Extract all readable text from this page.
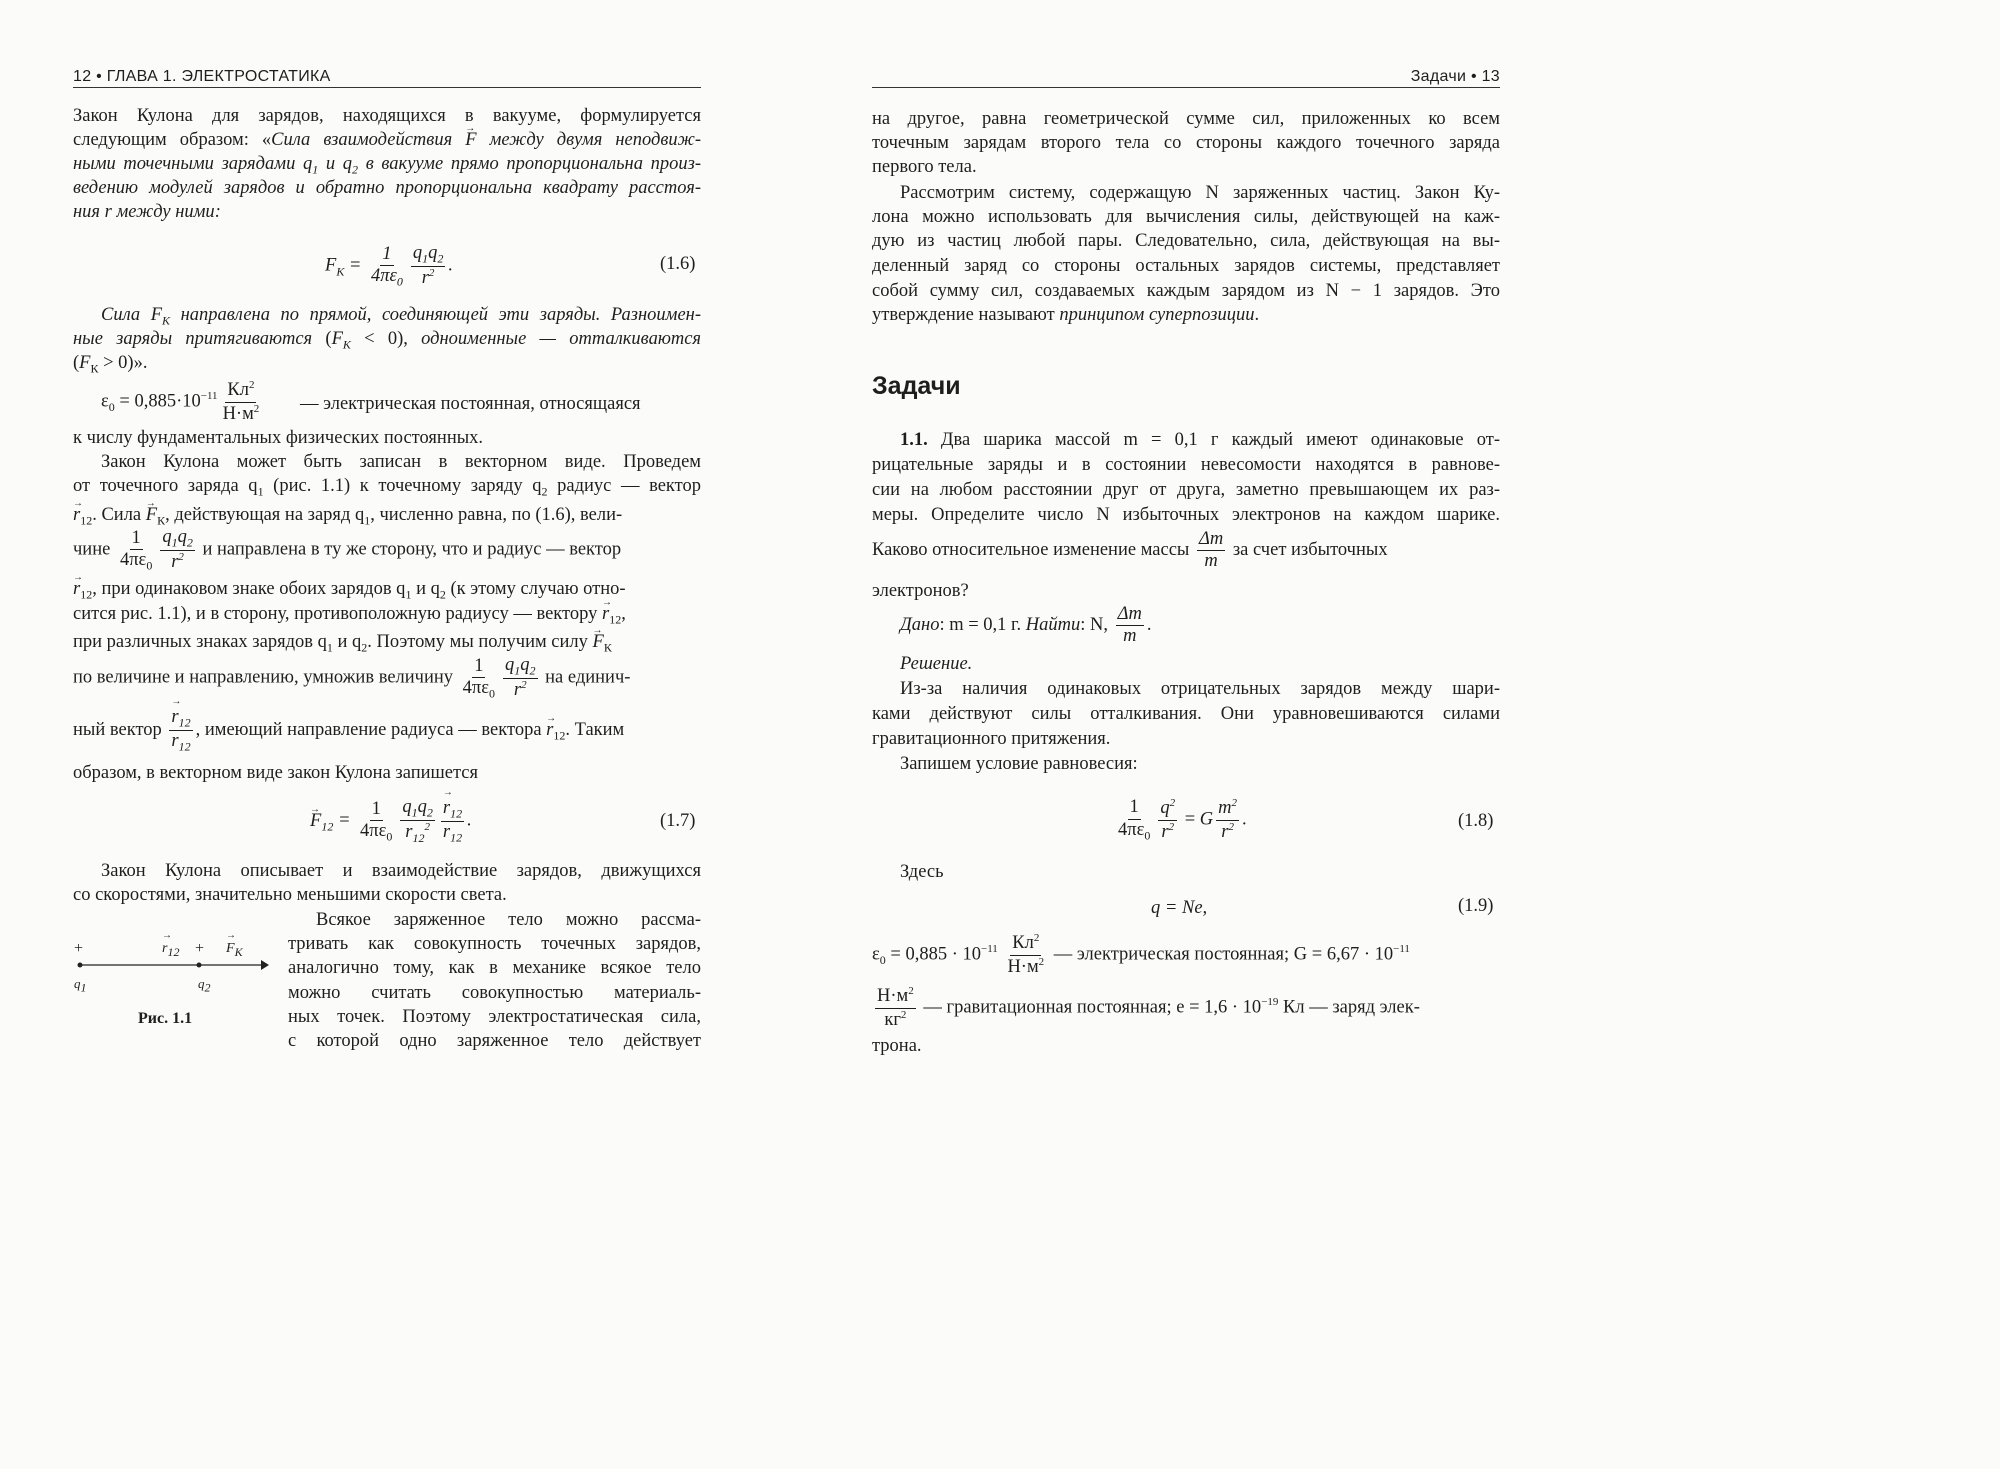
12 • ГЛАВА 1. ЭЛЕКТРОСТАТИКА
Закон Кулона для зарядов, находящихся в вакууме, формулируется
следующим образом: «Сила взаимодействия → F между двумя неподвиж-
ными точечными зарядами $q_1$ и $q_2$ в вакууме прямо пропорциональна произ-
ведению модулей зарядов и обратно пропорциональна квадрату расстоя-
ния r между ними:
$F_К = \frac{1}{4\pi\varepsilon_0} \frac{q_1q_2}{r^2}$ .	(1.6)
Сила $F_К$ направлена по прямой, соединяющей эти заряды. Разноимен-
ные заряды притягиваются $(F_К < 0)$, одноименные — отталкиваются
$(F_К > 0)$».
$\varepsilon_0 = 0,885\cdot 10^{-11} \frac{Кл^2}{Н\cdot м^2}$ — электрическая постоянная, относящаяся
к числу фундаментальных физических постоянных.
Закон Кулона может быть записан в векторном виде. Проведем
от точечного заряда $q_1$ (рис. 1.1) к точечному заряду $q_2$ радиус — вектор
→ $r_{12}$. Сила → $F_К$, действующая на заряд $q_1$, численно равна, по (1.6), вели-
чине $\frac{1}{4\pi\varepsilon_0} \frac{q_1q_2}{r^2}$ и направлена в ту же сторону, что и радиус — вектор
→ $r_{12}$, при одинаковом знаке обоих зарядов $q_1$ и $q_2$ (к этому случаю отно-
сится рис. 1.1), и в сторону, противоположную радиусу — вектору → $r_{12}$,
при различных знаках зарядов $q_1$ и $q_2$. Поэтому мы получим силу → $F_К$
по величине и направлению, умножив величину $\frac{1}{4\pi\varepsilon_0} \frac{q_1q_2}{r^2}$ на единич-
ный вектор
→ $\frac{r_{12}}{r_{12}}$ , имеющий направление радиуса — вектора → $r_{12}$. Таким
образом, в векторном виде закон Кулона запишется
→ $F_{12} = \frac{1}{4\pi\varepsilon_0} \frac{q_1q_2}{r_{12}^2}$
→ $\frac{r_{12}}{r_{12}}$ .	(1.7)
Закон Кулона описывает и взаимодействие зарядов, движущихся
со скоростями, значительно меньшими скорости света.
Всякое заряженное тело можно рассма-
тривать как совокупность точечных зарядов,
аналогично тому, как в механике всякое тело
можно считать совокупностью материаль-
ных точек. Поэтому электростатическая сила,
с которой одно заряженное тело действует
+	+
→ $r_{12}$
→	$F_К$
$q_1$	$q_2$
Рис. 1.1
Задачи • 13
на другое, равна геометрической сумме сил, приложенных ко всем
точечным зарядам второго тела со стороны каждого точечного заряда
первого тела.
Рассмотрим систему, содержащую N заряженных частиц. Закон Ку-
лона можно использовать для вычисления силы, действующей на каж-
дую из частиц любой пары. Следовательно, сила, действующая на вы-
деленный заряд со стороны остальных зарядов системы, представляет
собой сумму сил, создаваемых каждым зарядом из N − 1 зарядов. Это
утверждение называют принципом суперпозиции.
Задачи
1.1. Два шарика массой m = 0,1 г каждый имеют одинаковые от-
рицательные заряды и в состоянии невесомости находятся в равнове-
сии на любом расстоянии друг от друга, заметно превышающем их раз-
меры. Определите число N избыточных электронов на каждом шарике.
Каково относительное изменение массы $\frac{\Delta m}{m}$ за счет избыточных
электронов?
Дано: m = 0,1 г. Найти: N, $\frac{\Delta m}{m}$ .
Решение.
Из-за наличия одинаковых отрицательных зарядов между шари-
ками действуют силы отталкивания. Они уравновешиваются силами
гравитационного притяжения.
Запишем условие равновесия:
$\frac{1}{4\pi\varepsilon_0} \frac{q^2}{r^2} = G \frac{m^2}{r^2}$ .	(1.8)
Здесь
q = Ne,	(1.9)
$\varepsilon_0 = 0,885 \cdot 10^{-11} \frac{Кл^2}{Н\cdot м^2}$ — электрическая постоянная; $G = 6,67 \cdot 10^{-11}$
$\frac{Н\cdot м^2}{кг^2}$ — гравитационная постоянная; $e = 1,6 \cdot 10^{-19}$ Кл — заряд элек-
трона.
